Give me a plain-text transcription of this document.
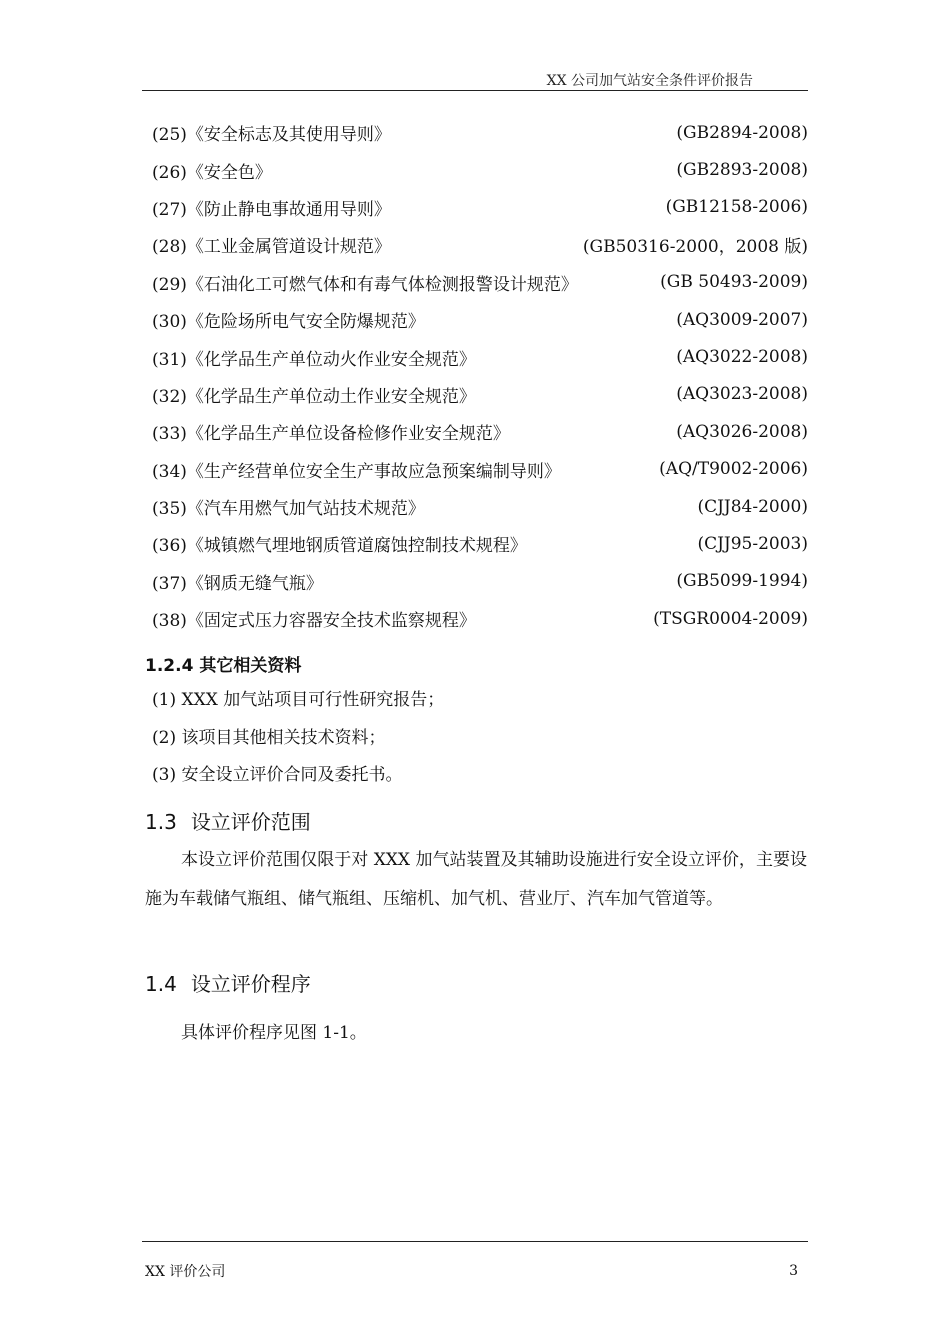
XX 公司加气站安全条件评价报告

(25)《安全标志及其使用导则》	(GB2894-2008)
(26)《安全色》	(GB2893-2008)
(27)《防止静电事故通用导则》	(GB12158-2006)
(28)《工业金属管道设计规范》	(GB50316-2000，2008 版)
(29)《石油化工可燃气体和有毒气体检测报警设计规范》	(GB 50493-2009)
(30)《危险场所电气安全防爆规范》	(AQ3009-2007)
(31)《化学品生产单位动火作业安全规范》	(AQ3022-2008)
(32)《化学品生产单位动土作业安全规范》	(AQ3023-2008)
(33)《化学品生产单位设备检修作业安全规范》	(AQ3026-2008)
(34)《生产经营单位安全生产事故应急预案编制导则》	(AQ/T9002-2006)
(35)《汽车用燃气加气站技术规范》	(CJJ84-2000)
(36)《城镇燃气埋地钢质管道腐蚀控制技术规程》	(CJJ95-2003)
(37)《钢质无缝气瓶》	(GB5099-1994)
(38)《固定式压力容器安全技术监察规程》	(TSGR0004-2009)
1.2.4 其它相关资料
(1) XXX 加气站项目可行性研究报告；
(2) 该项目其他相关技术资料；
(3) 安全设立评价合同及委托书。
1.3 设立评价范围

本设立评价范围仅限于对 XXX 加气站装置及其辅助设施进行安全设立评价，主要设施为车载储气瓶组、储气瓶组、压缩机、加气机、营业厅、汽车加气管道等。

1.4 设立评价程序

具体评价程序见图 1-1。

XX 评价公司	3
